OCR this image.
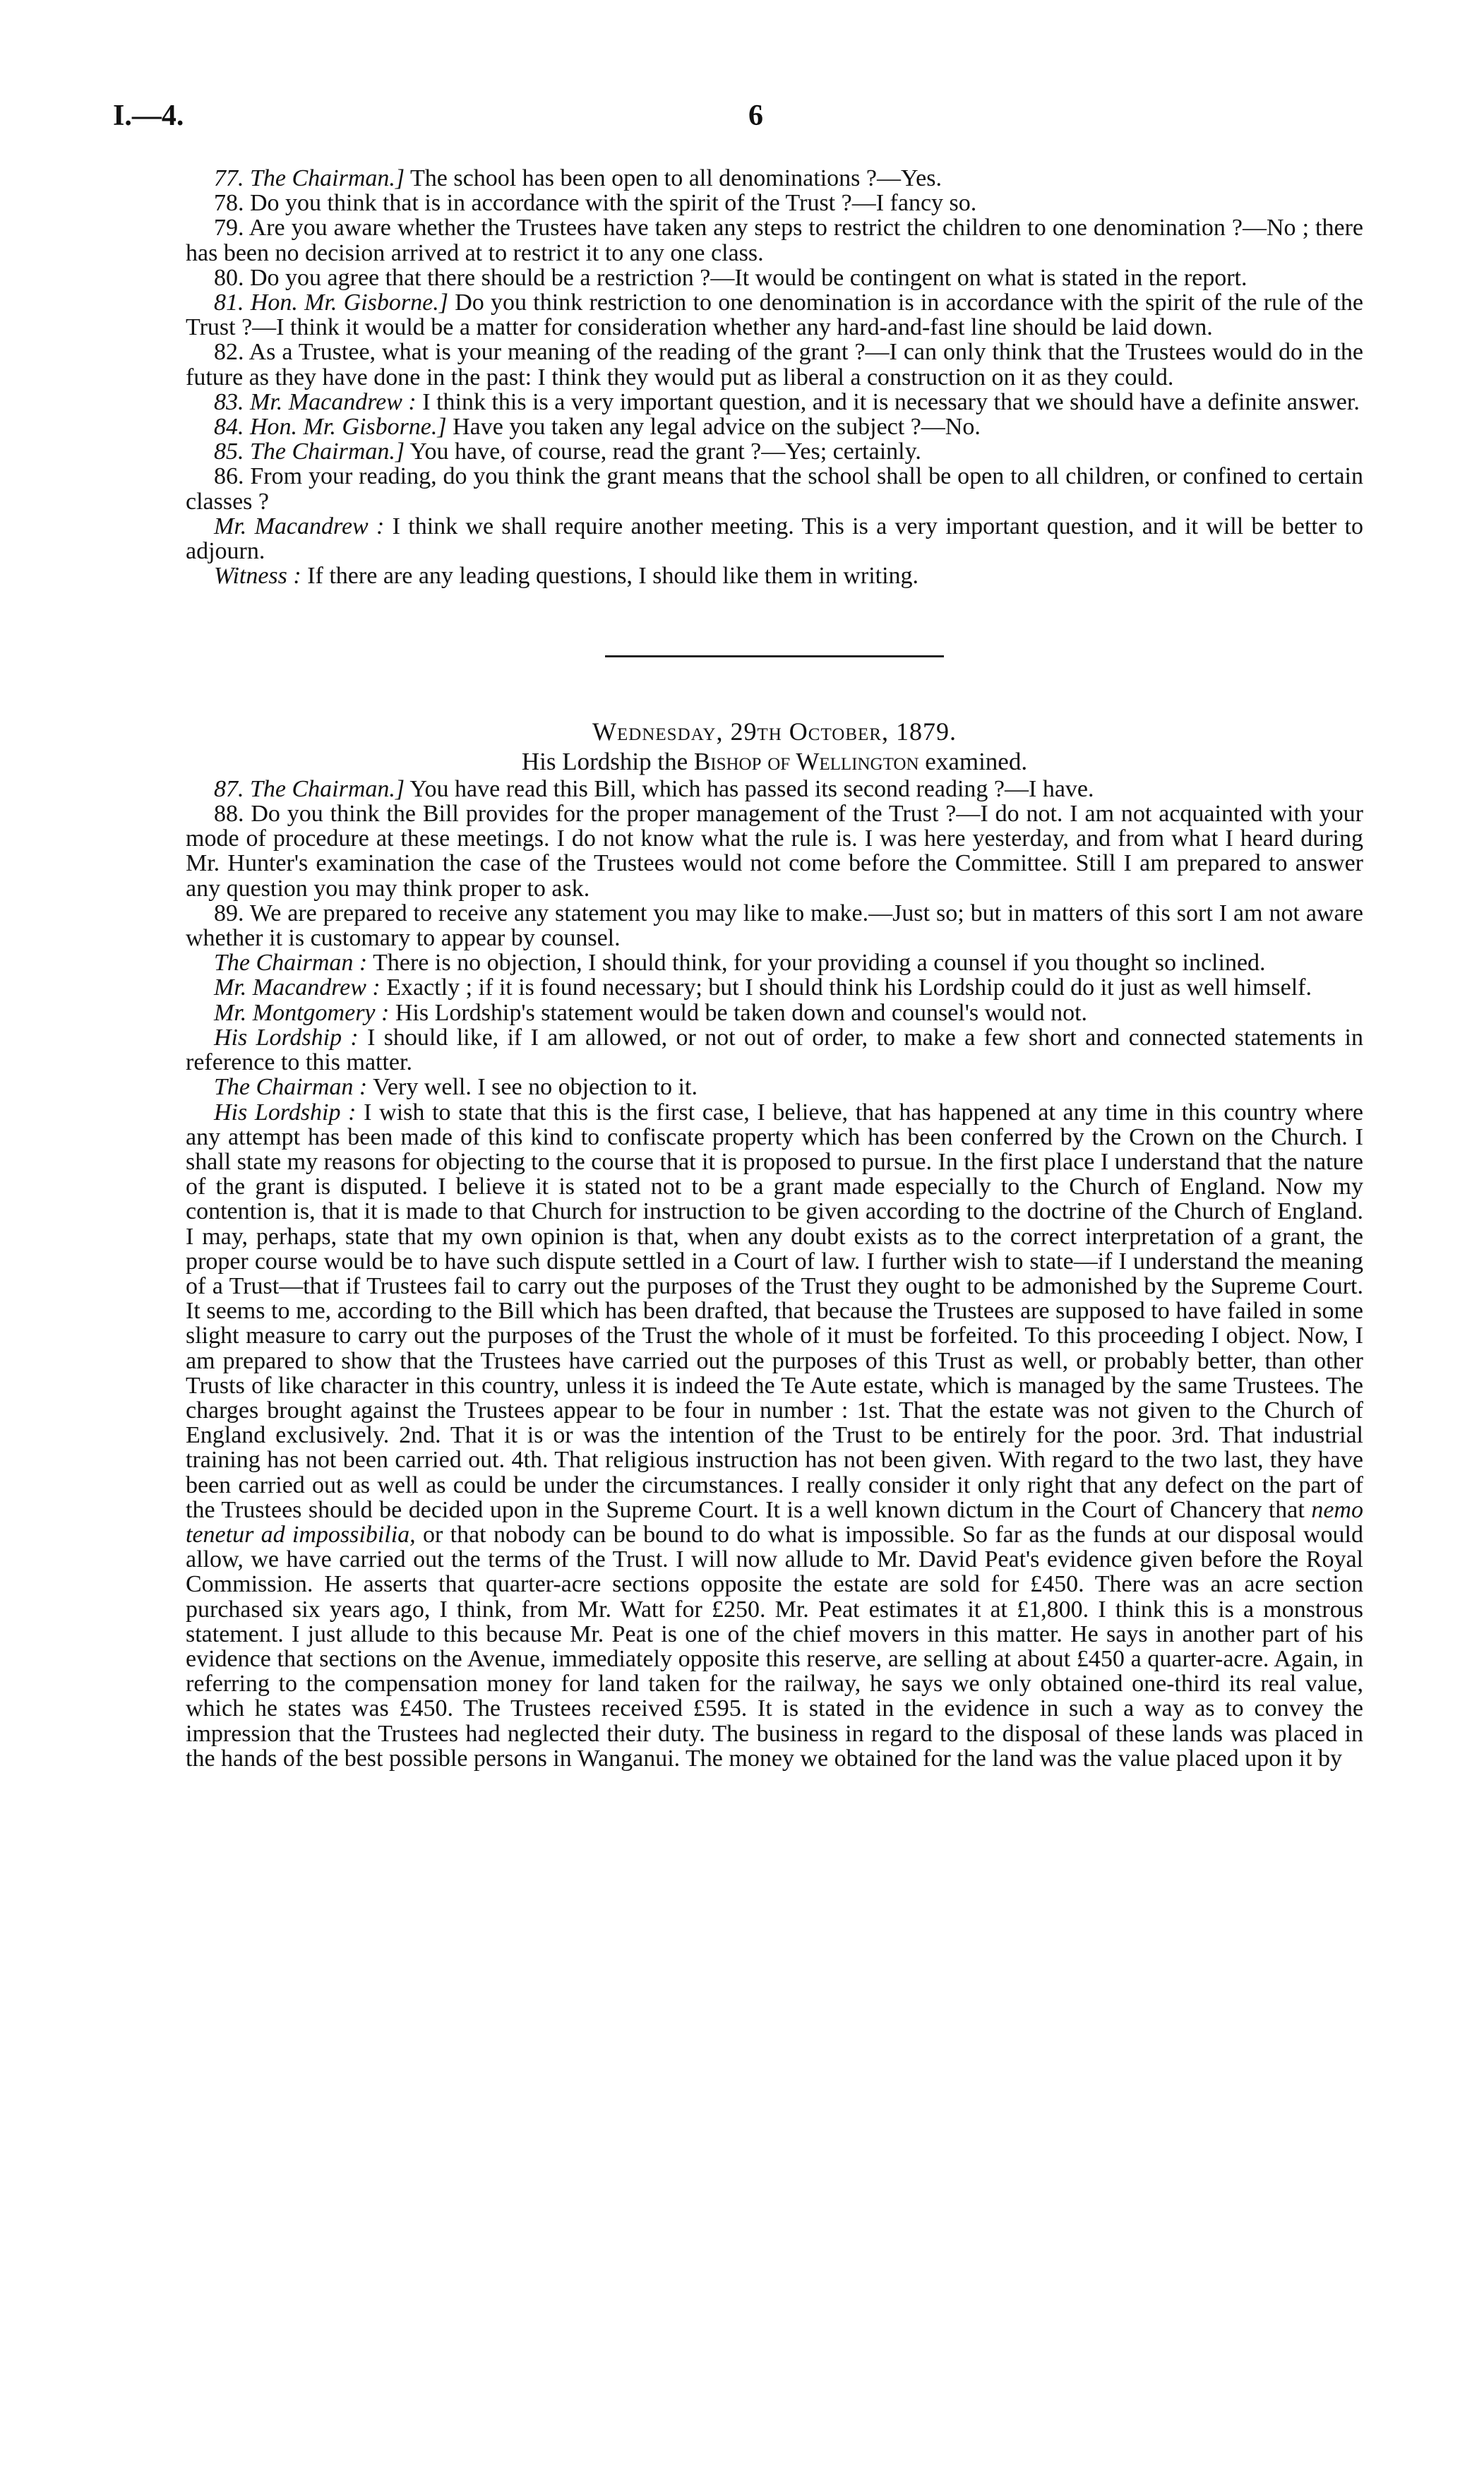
I.—4.	6

77. The Chairman.] The school has been open to all denominations ?—Yes.

78. Do you think that is in accordance with the spirit of the Trust ?—I fancy so.

79. Are you aware whether the Trustees have taken any steps to restrict the children to one denomination ?—No ; there has been no decision arrived at to restrict it to any one class.

80. Do you agree that there should be a restriction ?—It would be contingent on what is stated in the report.

81. Hon. Mr. Gisborne.] Do you think restriction to one denomination is in accordance with the spirit of the rule of the Trust ?—I think it would be a matter for consideration whether any hard-and-fast line should be laid down.

82. As a Trustee, what is your meaning of the reading of the grant ?—I can only think that the Trustees would do in the future as they have done in the past: I think they would put as liberal a construction on it as they could.

83. Mr. Macandrew : I think this is a very important question, and it is necessary that we should have a definite answer.

84. Hon. Mr. Gisborne.] Have you taken any legal advice on the subject ?—No.

85. The Chairman.] You have, of course, read the grant ?—Yes; certainly.

86. From your reading, do you think the grant means that the school shall be open to all children, or confined to certain classes ?

Mr. Macandrew : I think we shall require another meeting. This is a very important question, and it will be better to adjourn.

Witness : If there are any leading questions, I should like them in writing.

Wednesday, 29th October, 1879.

His Lordship the Bishop of Wellington examined.

87. The Chairman.] You have read this Bill, which has passed its second reading ?—I have.

88. Do you think the Bill provides for the proper management of the Trust ?—I do not. I am not acquainted with your mode of procedure at these meetings. I do not know what the rule is. I was here yesterday, and from what I heard during Mr. Hunter's examination the case of the Trustees would not come before the Committee. Still I am prepared to answer any question you may think proper to ask.

89. We are prepared to receive any statement you may like to make.—Just so; but in matters of this sort I am not aware whether it is customary to appear by counsel.

The Chairman : There is no objection, I should think, for your providing a counsel if you thought so inclined.

Mr. Macandrew : Exactly ; if it is found necessary; but I should think his Lordship could do it just as well himself.

Mr. Montgomery : His Lordship's statement would be taken down and counsel's would not.

His Lordship : I should like, if I am allowed, or not out of order, to make a few short and connected statements in reference to this matter.

The Chairman : Very well. I see no objection to it.

His Lordship : I wish to state that this is the first case, I believe, that has happened at any time in this country where any attempt has been made of this kind to confiscate property which has been conferred by the Crown on the Church. I shall state my reasons for objecting to the course that it is proposed to pursue. In the first place I understand that the nature of the grant is disputed. I believe it is stated not to be a grant made especially to the Church of England. Now my contention is, that it is made to that Church for instruction to be given according to the doctrine of the Church of England. I may, perhaps, state that my own opinion is that, when any doubt exists as to the correct interpretation of a grant, the proper course would be to have such dispute settled in a Court of law. I further wish to state—if I understand the meaning of a Trust—that if Trustees fail to carry out the purposes of the Trust they ought to be admonished by the Supreme Court. It seems to me, according to the Bill which has been drafted, that because the Trustees are supposed to have failed in some slight measure to carry out the purposes of the Trust the whole of it must be forfeited. To this proceeding I object. Now, I am prepared to show that the Trustees have carried out the purposes of this Trust as well, or probably better, than other Trusts of like character in this country, unless it is indeed the Te Aute estate, which is managed by the same Trustees. The charges brought against the Trustees appear to be four in number : 1st. That the estate was not given to the Church of England exclusively. 2nd. That it is or was the intention of the Trust to be entirely for the poor. 3rd. That industrial training has not been carried out. 4th. That religious instruction has not been given. With regard to the two last, they have been carried out as well as could be under the circumstances. I really consider it only right that any defect on the part of the Trustees should be decided upon in the Supreme Court. It is a well known dictum in the Court of Chancery that nemo tenetur ad impossibilia, or that nobody can be bound to do what is impossible. So far as the funds at our disposal would allow, we have carried out the terms of the Trust. I will now allude to Mr. David Peat's evidence given before the Royal Commission. He asserts that quarter-acre sections opposite the estate are sold for £450. There was an acre section purchased six years ago, I think, from Mr. Watt for £250. Mr. Peat estimates it at £1,800. I think this is a monstrous statement. I just allude to this because Mr. Peat is one of the chief movers in this matter. He says in another part of his evidence that sections on the Avenue, immediately opposite this reserve, are selling at about £450 a quarter-acre. Again, in referring to the compensation money for land taken for the railway, he says we only obtained one-third its real value, which he states was £450. The Trustees received £595. It is stated in the evidence in such a way as to convey the impression that the Trustees had neglected their duty. The business in regard to the disposal of these lands was placed in the hands of the best possible persons in Wanganui. The money we obtained for the land was the value placed upon it by
